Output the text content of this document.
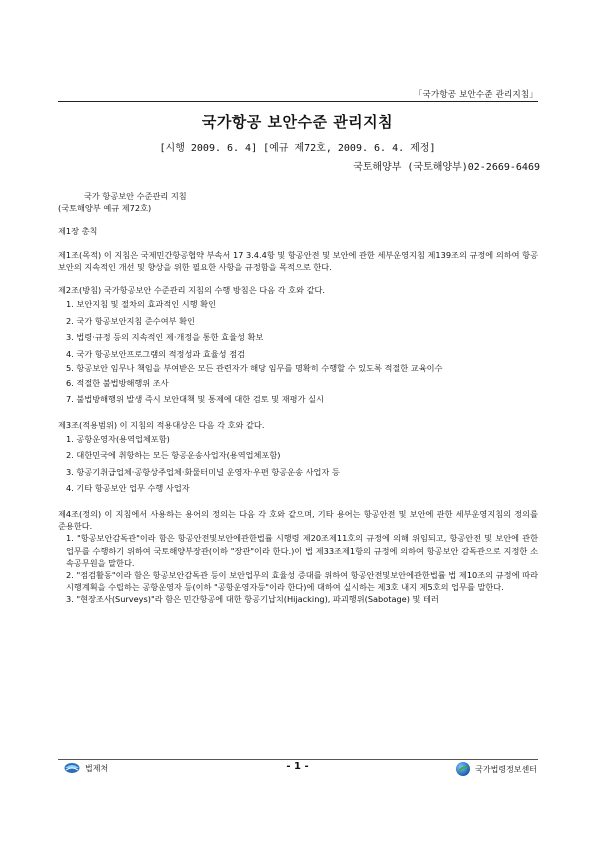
「국가항공 보안수준 관리지침」
국가항공 보안수준 관리지침
[시행 2009. 6. 4] [예규 제72호, 2009. 6. 4. 제정]
국토해양부 (국토해양부)02-2669-6469

국가 항공보안 수준관리 지침

(국토해양부 예규 제72호)

제1장 총칙

제1조(목적) 이 지침은 국제민간항공협약 부속서 17 3.4.4항 및 항공안전 및 보안에 관한 세부운영지침 제139조의 규정에 의하여 항공보안의 지속적인 개선 및 향상을 위한 필요한 사항을 규정함을 목적으로 한다.

제2조(방침) 국가항공보안 수준관리 지침의 수행 방침은 다음 각 호와 같다.

1. 보안지침 및 절차의 효과적인 시행 확인

2. 국가 항공보안지침 준수여부 확인

3. 법령·규정 등의 지속적인 제·개정을 통한 효율성 확보

4. 국가 항공보안프로그램의 적정성과 효율성 점검

5. 항공보안 임무나 책임을 부여받은 모든 관련자가 해당 임무를 명확히 수행할 수 있도록 적절한 교육이수

6. 적절한 불법방해행위 조사

7. 불법방해행위 발생 즉시 보안대책 및 통제에 대한 검토 및 재평가 실시

제3조(적용범위) 이 지침의 적용대상은 다음 각 호와 같다.

1. 공항운영자(용역업체포함)

2. 대한민국에 취항하는 모든 항공운송사업자(용역업체포함)

3. 항공기취급업체·공항상주업체·화물터미널 운영자·우편 항공운송 사업자 등

4. 기타 항공보안 업무 수행 사업자

제4조(정의) 이 지침에서 사용하는 용어의 정의는 다음 각 호와 같으며, 기타 용어는 항공안전 및 보안에 관한 세부운영지침의 정의를 준용한다.

1. "항공보안감독관"이라 함은 항공안전및보안에관한법률 시행령 제20조제11호의 규정에 의해 위임되고, 항공안전 및 보안에 관한 업무를 수행하기 위하여 국토해양부장관(이하 "장관"이라 한다.)이 법 제33조제1항의 규정에 의하여 항공보안 감독관으로 지정한 소속공무원을 말한다.

2. "점검활동"이라 함은 항공보안감독관 등이 보안업무의 효율성 증대를 위하여 항공안전및보안에관한법률 법 제10조의 규정에 따라 시행계획을 수립하는 공항운영자 등(이하 "공항운영자등"이라 한다)에 대하여 실시하는 제3호 내지 제5호의 업무를 말한다.

3. "현장조사(Surveys)"라 함은 민간항공에 대한 항공기납치(Hijacking), 파괴행위(Sabotage) 및 테러

법제처	- 1 -	국가법령정보센터
